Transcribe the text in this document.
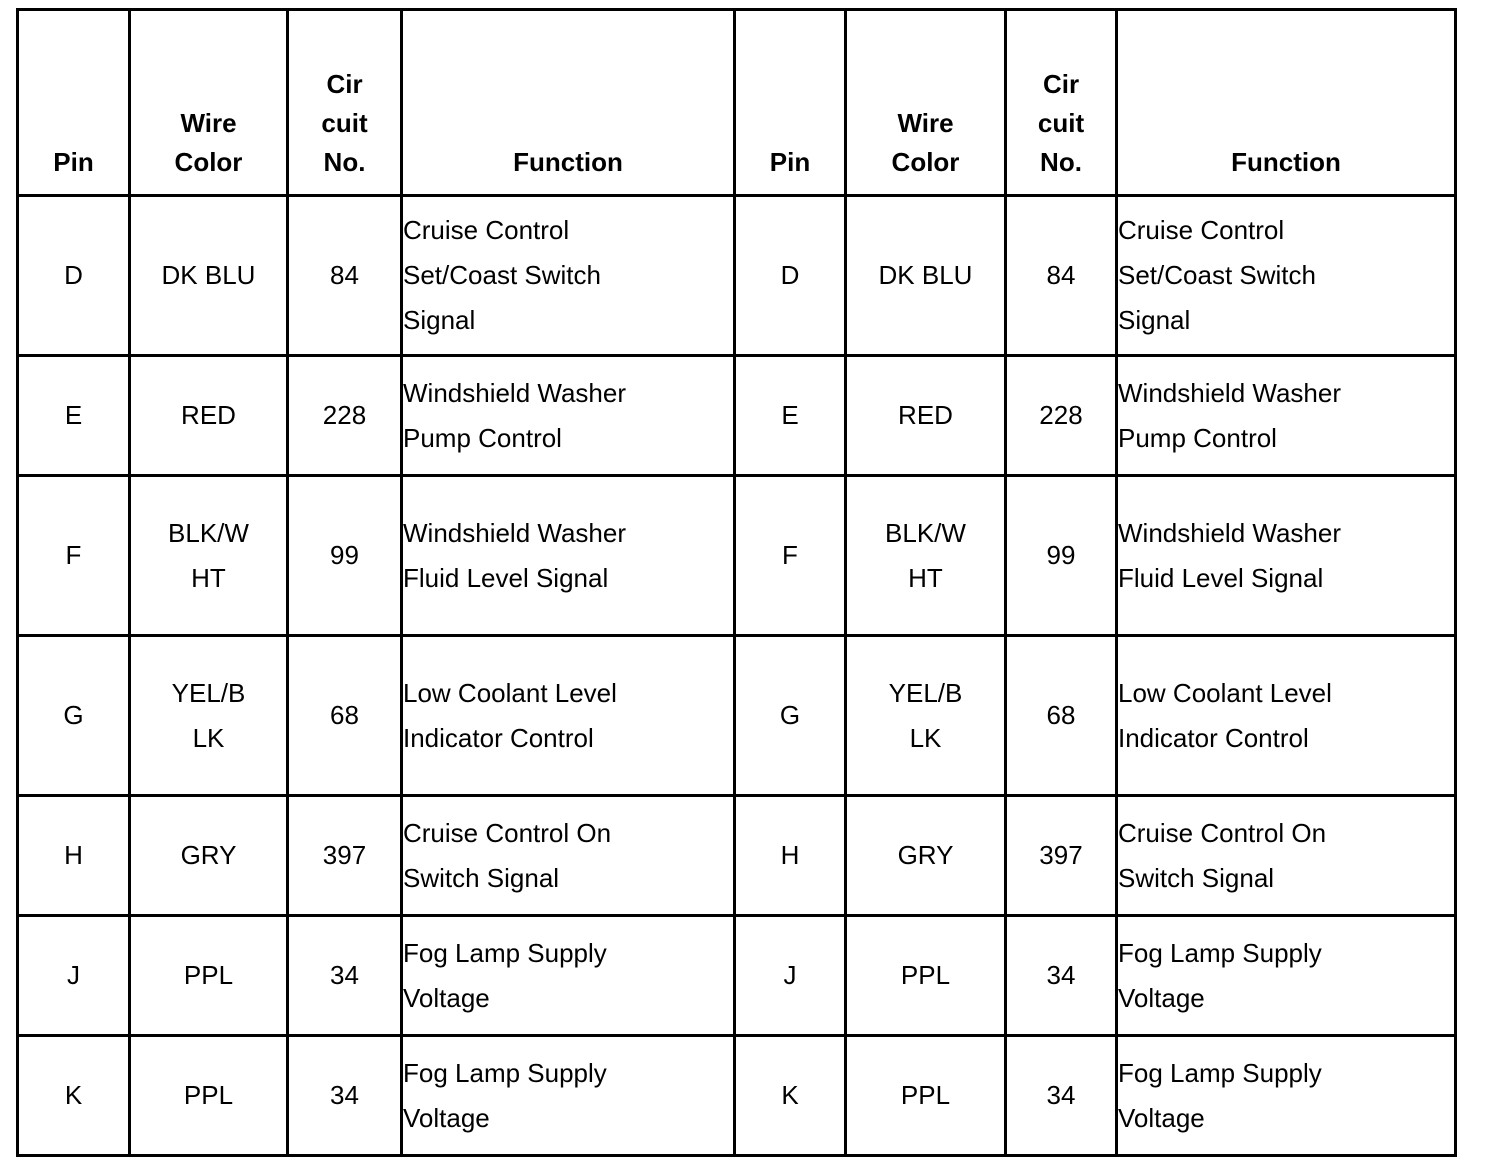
Pin	Wire
Color	Cir
cuit
No.	Function	Pin	Wire
Color	Cir
cuit
No.	Function

D	DK BLU	84	Cruise Control
Set/Coast Switch
Signal	D	DK BLU	84	Cruise Control
Set/Coast Switch
Signal

E	RED	228	Windshield Washer
Pump Control	E	RED	228	Windshield Washer
Pump Control

F	BLK/W
HT	99	Windshield Washer
Fluid Level Signal	F	BLK/W
HT	99	Windshield Washer
Fluid Level Signal

G	YEL/B
LK	68	Low Coolant Level
Indicator Control	G	YEL/B
LK	68	Low Coolant Level
Indicator Control

H	GRY	397	Cruise Control On
Switch Signal	H	GRY	397	Cruise Control On
Switch Signal

J	PPL	34	Fog Lamp Supply
Voltage	J	PPL	34	Fog Lamp Supply
Voltage

K	PPL	34	Fog Lamp Supply
Voltage	K	PPL	34	Fog Lamp Supply
Voltage
